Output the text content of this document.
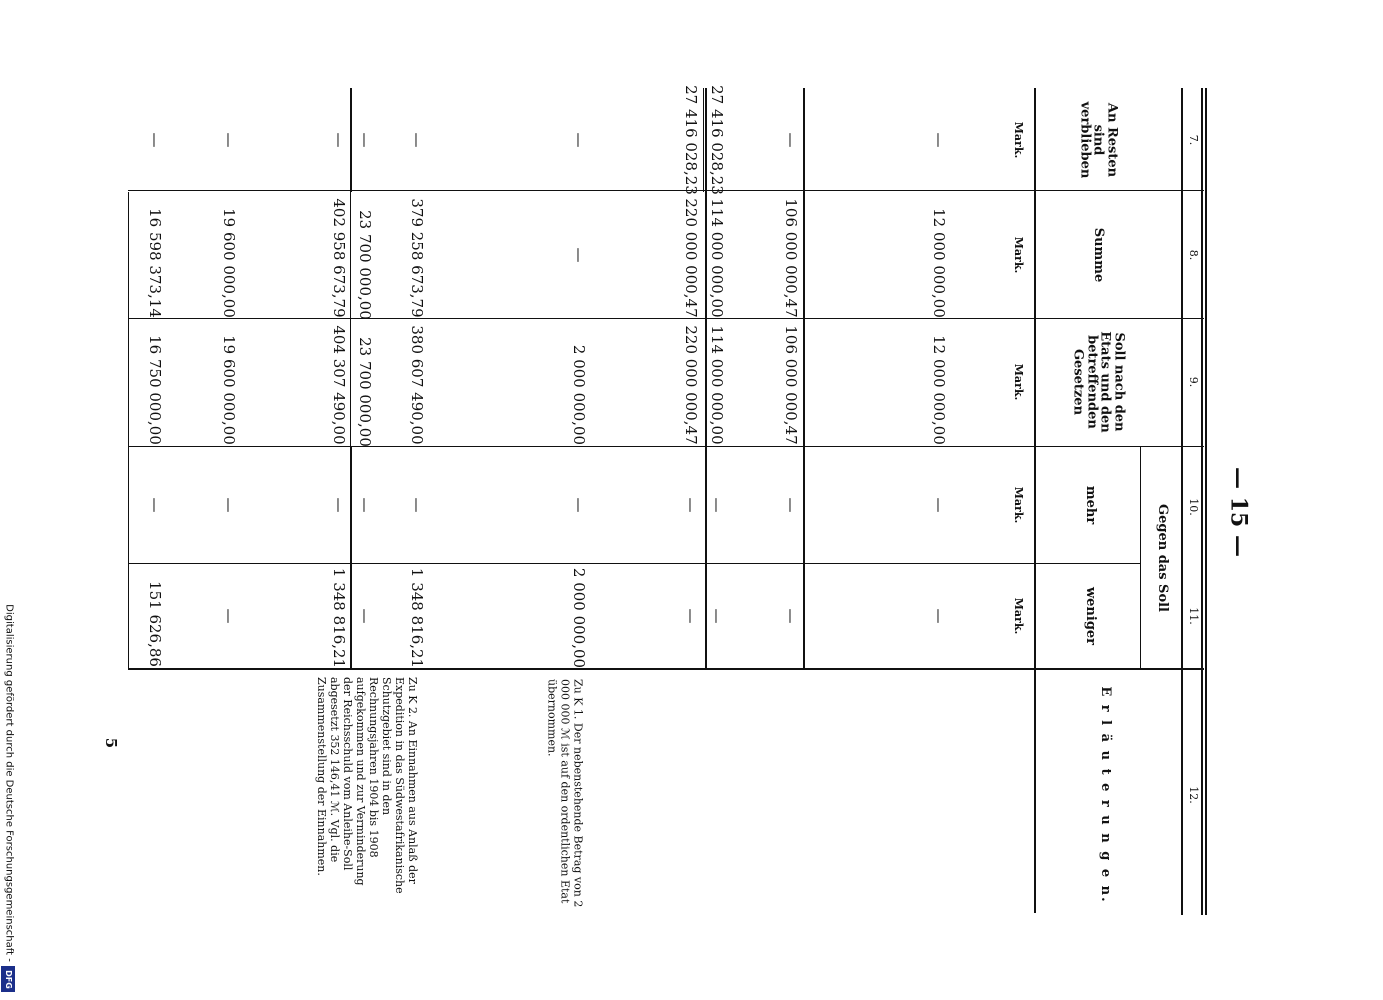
— 15 —
5
Digitalisierung gefördert durch die Deutsche Forschungsgemeinschaft -
DFG
7.
8.
9.
10.
11.
12.
An Resten sind verblieben
Summe
Soll nach den Etats und den betreffenden Gesetzen
Gegen das Soll
mehr
weniger
E r l ä u t e r u n g e n.
Mark.
Mark.
Mark.
Mark.
Mark.
—
12 000 000,00
12 000 000,00
—
—
—
106 000 000,47
106 000 000,47
—
—
27 416 028,23
27 416 028,23
114 000 000,00
220 000 000,47
114 000 000,00
220 000 000,47
—
—
—
—
—
—
2 000 000,00
—
2 000 000,00
Zu K 1. Der nebenstehende Betrag von 2 000 000 ℳ ist auf den ordentlichen Etat übernommen.
—
—
—
379 258 673,79
23 700 000,00
402 958 673,79
380 607 490,00
23 700 000,00
404 307 490,00
—
—
—
1 348 816,21
—
1 348 816,21
Zu K 2. An Einnahmen aus Anlaß der Expedition in das Südwestafrikanische Schutzgebiet sind in den Rechnungsjahren 1904 bis 1908 aufgekommen und zur Verminderung der Reichsschuld vom Anleihe-Soll abgesetzt 352 146,41 ℳ. Vgl. die Zusammenstellung der Einnahmen.
—
19 600 000,00
19 600 000,00
—
—
—
16 598 373,14
16 750 000,00
—
151 626,86
